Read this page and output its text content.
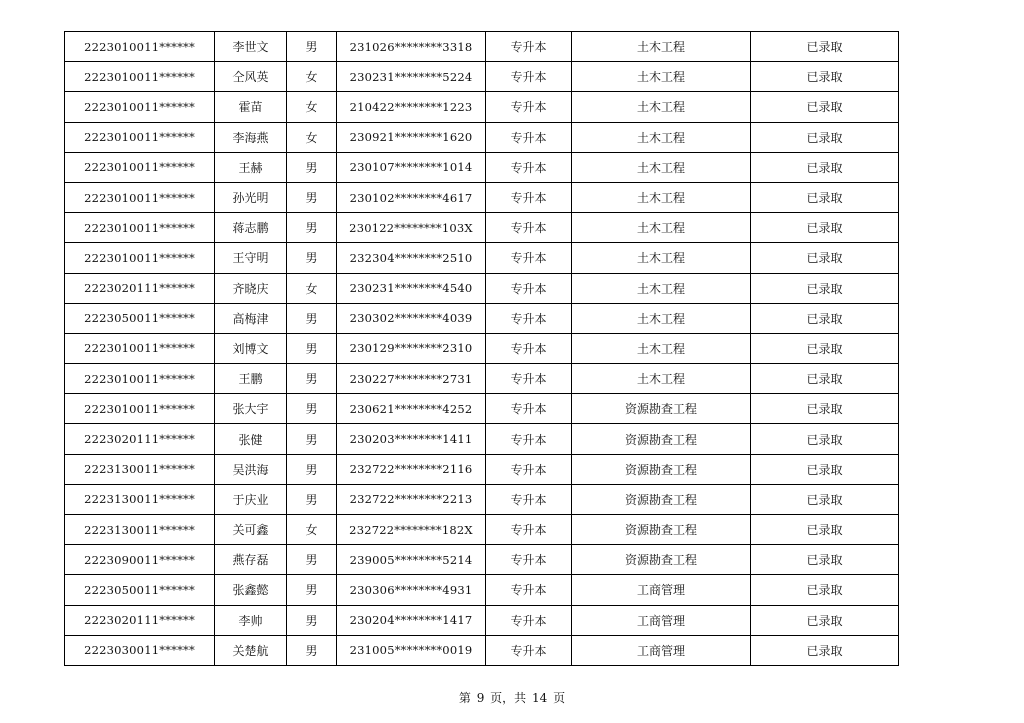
2223010011******	李世文	男	231026********3318	专升本	土木工程	已录取
2223010011******	仝风英	女	230231********5224	专升本	土木工程	已录取
2223010011******	霍苗	女	210422********1223	专升本	土木工程	已录取
2223010011******	李海燕	女	230921********1620	专升本	土木工程	已录取
2223010011******	王赫	男	230107********1014	专升本	土木工程	已录取
2223010011******	孙光明	男	230102********4617	专升本	土木工程	已录取
2223010011******	蒋志鹏	男	230122********103X	专升本	土木工程	已录取
2223010011******	王守明	男	232304********2510	专升本	土木工程	已录取
2223020111******	齐晓庆	女	230231********4540	专升本	土木工程	已录取
2223050011******	高梅津	男	230302********4039	专升本	土木工程	已录取
2223010011******	刘博文	男	230129********2310	专升本	土木工程	已录取
2223010011******	王鹏	男	230227********2731	专升本	土木工程	已录取
2223010011******	张大宇	男	230621********4252	专升本	资源勘查工程	已录取
2223020111******	张健	男	230203********1411	专升本	资源勘查工程	已录取
2223130011******	吴洪海	男	232722********2116	专升本	资源勘查工程	已录取
2223130011******	于庆业	男	232722********2213	专升本	资源勘查工程	已录取
2223130011******	关可鑫	女	232722********182X	专升本	资源勘查工程	已录取
2223090011******	燕存磊	男	239005********5214	专升本	资源勘查工程	已录取
2223050011******	张鑫懿	男	230306********4931	专升本	工商管理	已录取
2223020111******	李帅	男	230204********1417	专升本	工商管理	已录取
2223030011******	关楚航	男	231005********0019	专升本	工商管理	已录取
第 9 页，共 14 页
